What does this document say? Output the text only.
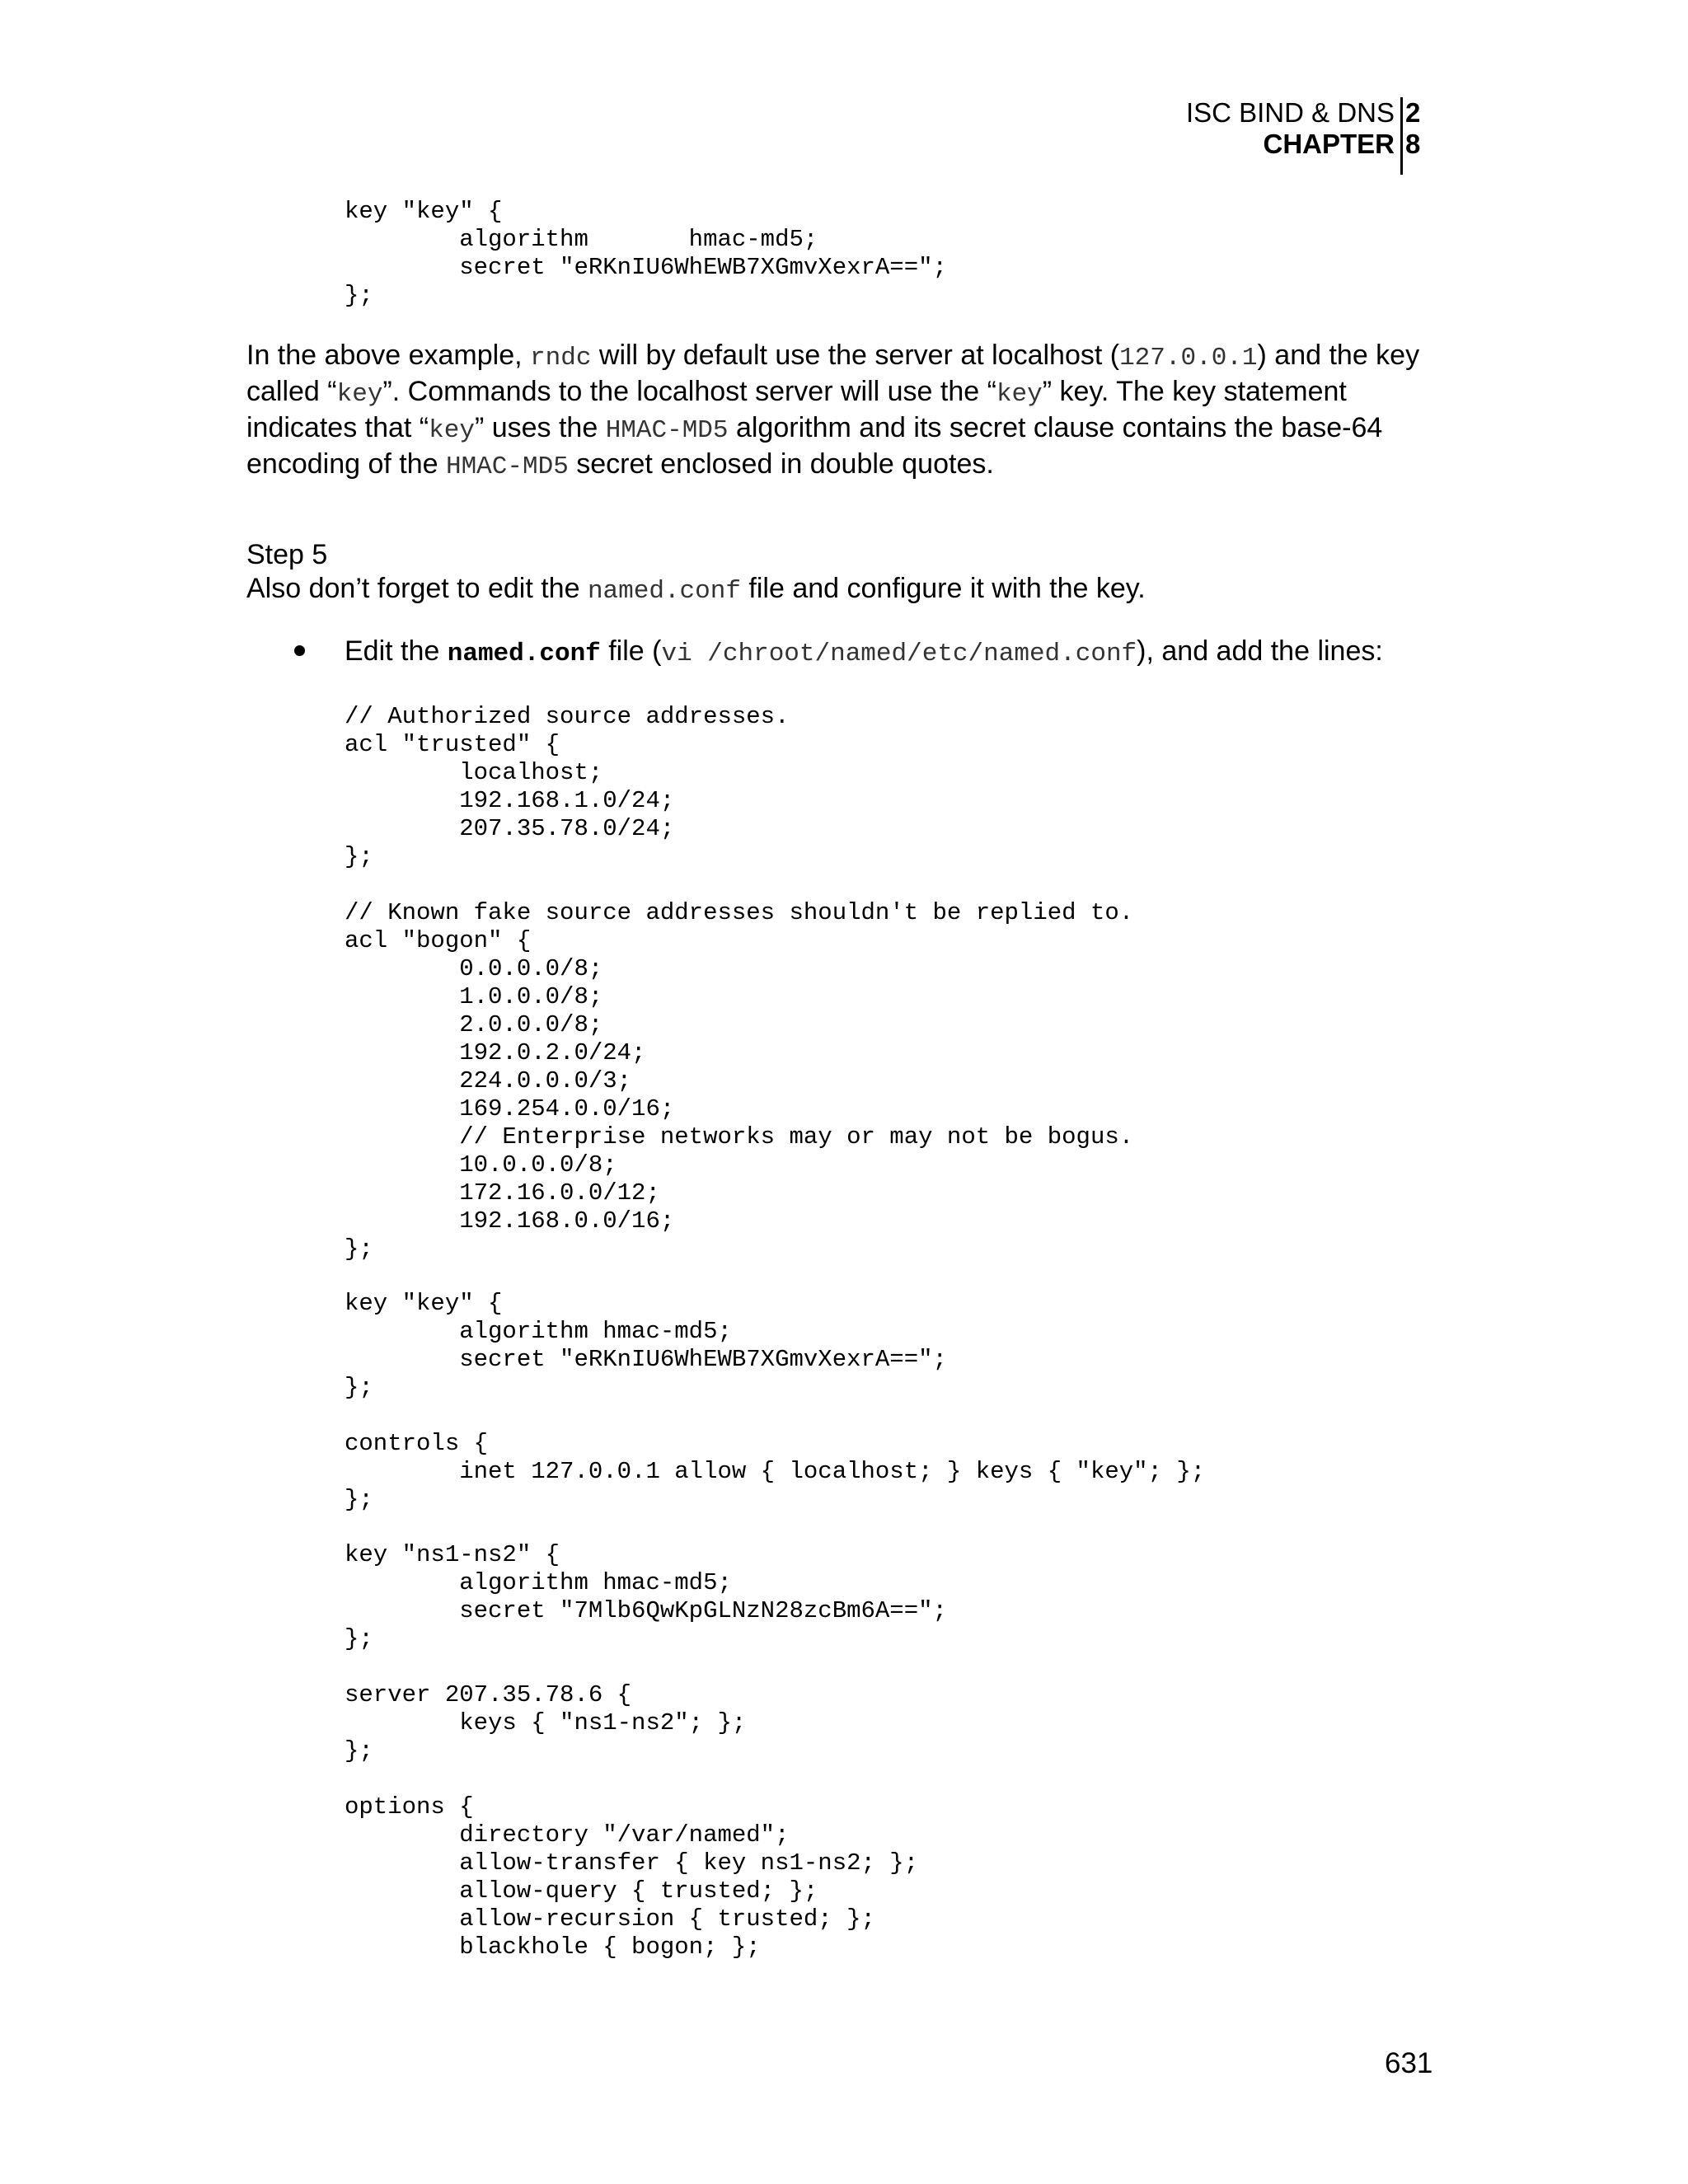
ISC BIND & DNS
CHAPTER
28
key "key" {
algorithm       hmac-md5;
secret "eRKnIU6WhEWB7XGmvXexrA==";
};
In the above example, rndc will by default use the server at localhost (127.0.0.1) and the key called “key”. Commands to the localhost server will use the “key” key. The key statement indicates that “key” uses the HMAC-MD5 algorithm and its secret clause contains the base-64 encoding of the HMAC-MD5 secret enclosed in double quotes.
Step 5
Also don’t forget to edit the named.conf file and configure it with the key.
Edit the named.conf file (vi /chroot/named/etc/named.conf), and add the lines:
// Authorized source addresses.
acl "trusted" {
localhost;
192.168.1.0/24;
207.35.78.0/24;
};

// Known fake source addresses shouldn't be replied to.
acl "bogon" {
0.0.0.0/8;
1.0.0.0/8;
2.0.0.0/8;
192.0.2.0/24;
224.0.0.0/3;
169.254.0.0/16;
// Enterprise networks may or may not be bogus.
10.0.0.0/8;
172.16.0.0/12;
192.168.0.0/16;
};
key "key" {
algorithm hmac-md5;
secret "eRKnIU6WhEWB7XGmvXexrA==";
};

controls {
inet 127.0.0.1 allow { localhost; } keys { "key"; };
};
key "ns1-ns2" {
algorithm hmac-md5;
secret "7Mlb6QwKpGLNzN28zcBm6A==";
};

server 207.35.78.6 {
keys { "ns1-ns2"; };
};

options {
directory "/var/named";
allow-transfer { key ns1-ns2; };
allow-query { trusted; };
allow-recursion { trusted; };
blackhole { bogon; };
631
